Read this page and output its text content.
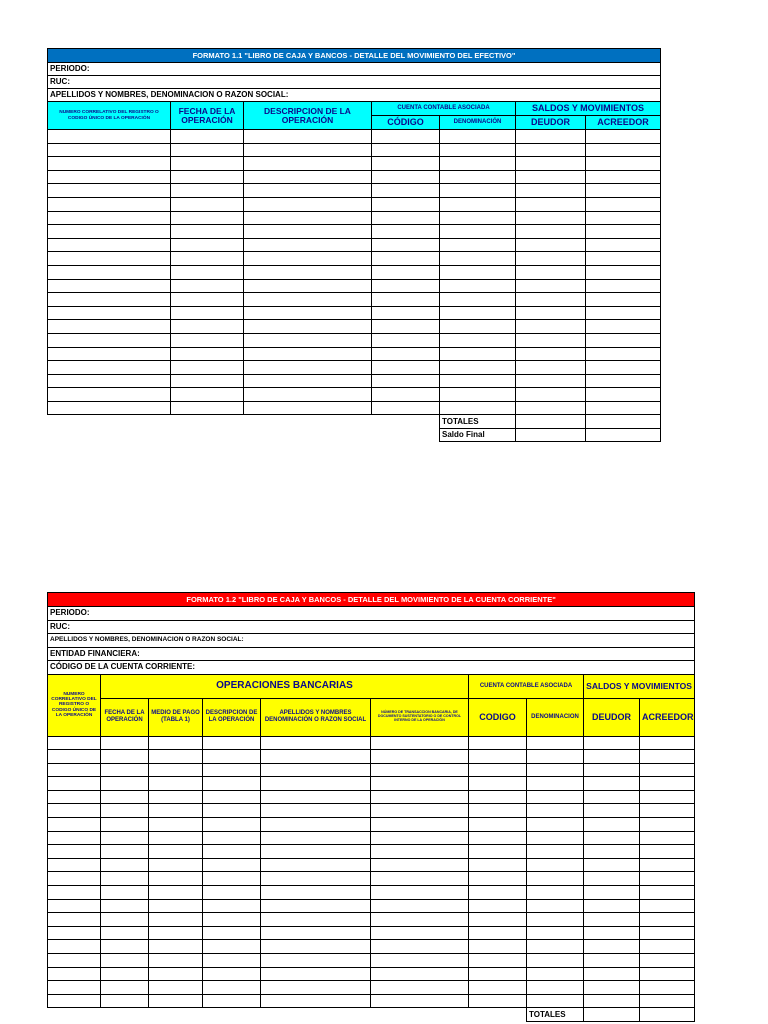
FORMATO 1.1 "LIBRO DE CAJA Y BANCOS - DETALLE DEL MOVIMIENTO DEL EFECTIVO"						
PERIODO:						
RUC:						
APELLIDOS Y NOMBRES, DENOMINACION O RAZON SOCIAL:						
NUMERO CORRELATIVO DEL REGISTRO O CODIGO ÚNICO DE LA OPERACIÓN	FECHA DE LA OPERACIÓN	DESCRIPCION DE LA OPERACIÓN	CUENTA CONTABLE ASOCIADA		SALDOS Y MOVIMIENTOS	
			CÓDIGO	DENOMINACIÓN	DEUDOR	ACREEDOR

				TOTALES		
				Saldo Final		
FORMATO 1.2 "LIBRO DE CAJA Y BANCOS - DETALLE DEL MOVIMIENTO DE LA CUENTA CORRIENTE"									
PERIODO:									
RUC:									
APELLIDOS Y NOMBRES, DENOMINACION O RAZON SOCIAL:									
ENTIDAD FINANCIERA:									
CÓDIGO DE LA CUENTA CORRIENTE:									
NUMERO CORRELATIVO DEL REGISTRO O CODIGO ÚNICO DE LA OPERACIÓN	OPERACIONES BANCARIAS					CUENTA CONTABLE ASOCIADA		SALDOS Y MOVIMIENTOS	
	FECHA DE LA OPERACIÓN	MEDIO DE PAGO (TABLA 1)	DESCRIPCION DE LA OPERACIÓN	APELLIDOS Y NOMBRES DENOMINACIÓN O RAZON SOCIAL	NÚMERO DE TRANSACCION BANCARIA, DE DOCUMENTO SUSTENTATORIO O DE CONTROL INTERNO DE LA OPERACIÓN	CODIGO	DENOMINACION	DEUDOR	ACREEDOR

							TOTALES		
